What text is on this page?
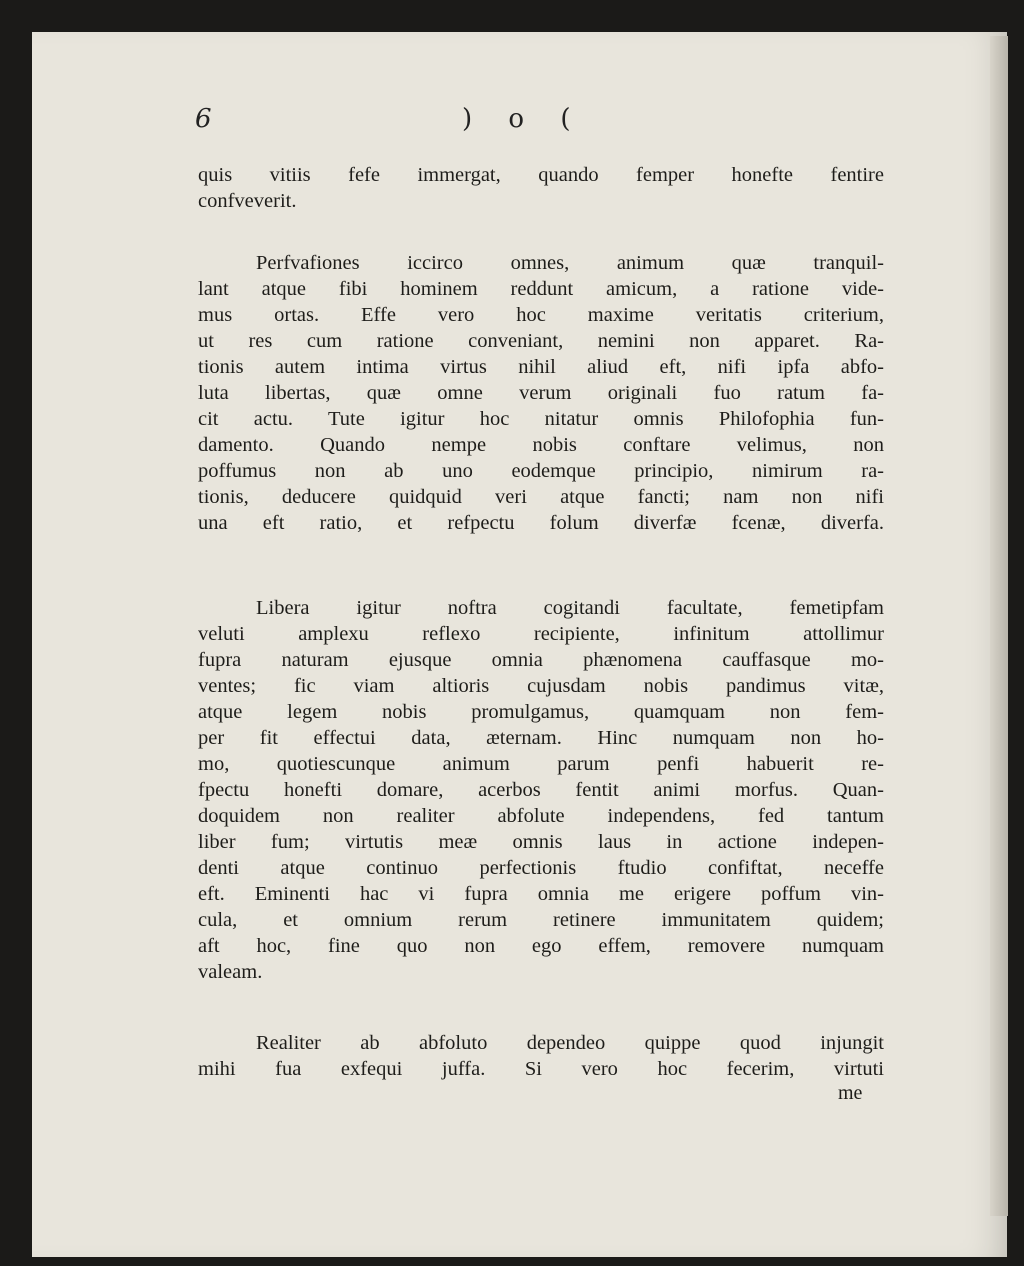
6	) o (
quis vitiis fefe immergat, quando femper honefte fentire
confveverit.
Perfvafiones iccirco omnes, animum quæ tranquil-
lant atque fibi hominem reddunt amicum, a ratione vide-
mus ortas. Effe vero hoc maxime veritatis criterium,
ut res cum ratione conveniant, nemini non apparet. Ra-
tionis autem intima virtus nihil aliud eft, nifi ipfa abfo-
luta libertas, quæ omne verum originali fuo ratum fa-
cit actu. Tute igitur hoc nitatur omnis Philofophia fun-
damento. Quando nempe nobis conftare velimus, non
poffumus non ab uno eodemque principio, nimirum ra-
tionis, deducere quidquid veri atque fancti; nam non nifi
una eft ratio, et refpectu folum diverfæ fcenæ, diverfa.
Libera igitur noftra cogitandi facultate, femetipfam
veluti amplexu reflexo recipiente, infinitum attollimur
fupra naturam ejusque omnia phænomena cauffasque mo-
ventes; fic viam altioris cujusdam nobis pandimus vitæ,
atque legem nobis promulgamus, quamquam non fem-
per fit effectui data, æternam. Hinc numquam non ho-
mo, quotiescunque animum parum penfi habuerit re-
fpectu honefti domare, acerbos fentit animi morfus. Quan-
doquidem non realiter abfolute independens, fed tantum
liber fum; virtutis meæ omnis laus in actione indepen-
denti atque continuo perfectionis ftudio confiftat, neceffe
eft. Eminenti hac vi fupra omnia me erigere poffum vin-
cula, et omnium rerum retinere immunitatem quidem;
aft hoc, fine quo non ego effem, removere numquam
valeam.
Realiter ab abfoluto dependeo quippe quod injungit
mihi fua exfequi juffa. Si vero hoc fecerim, virtuti
me
